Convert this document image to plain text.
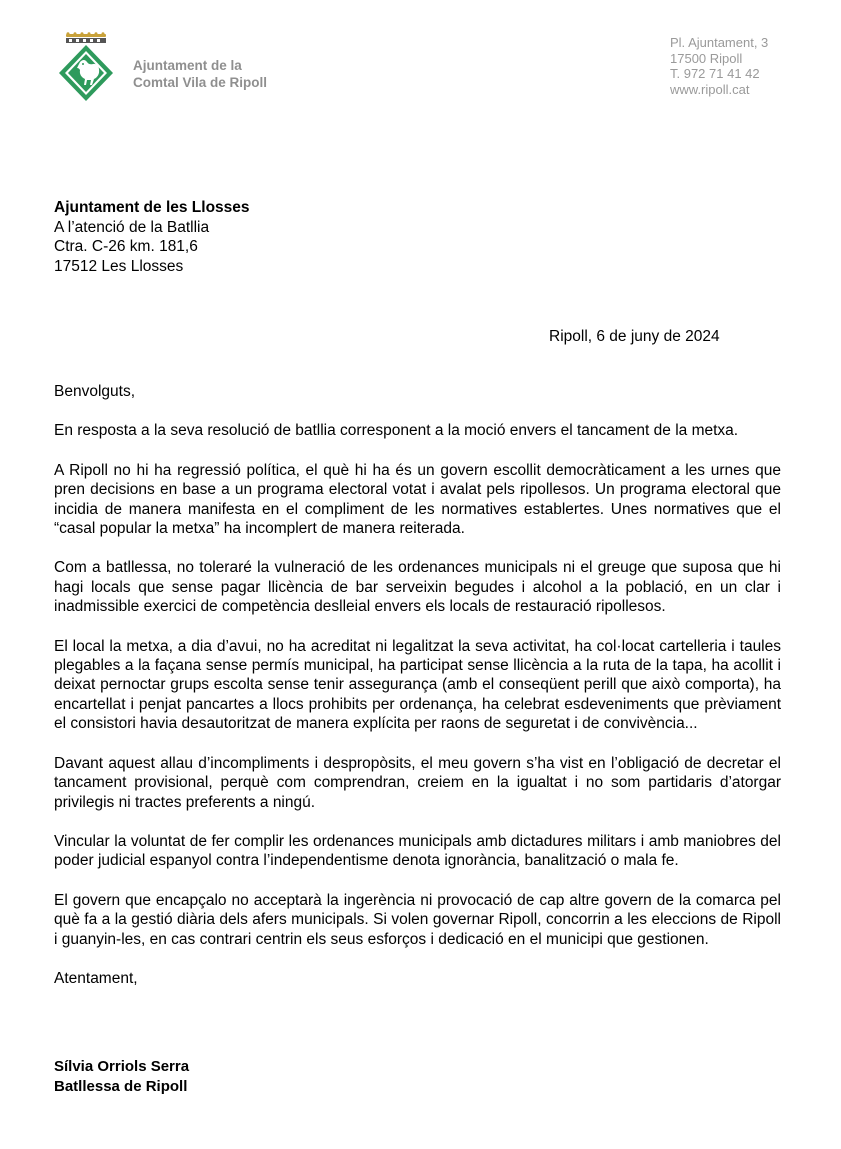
Ajuntament de la
Comtal Vila de Ripoll
Pl. Ajuntament, 3
17500 Ripoll
T. 972 71 41 42
www.ripoll.cat
Ajuntament de les Llosses
A l’atenció de la Batllia
Ctra. C-26 km. 181,6
17512 Les Llosses
Ripoll, 6 de juny de 2024

Benvolguts,

En resposta a la seva resolució de batllia corresponent a la moció envers el tancament de la metxa.

A Ripoll no hi ha regressió política, el què hi ha és un govern escollit democràticament a les urnes que pren decisions en base a un programa electoral votat i avalat pels ripollesos. Un programa electoral que incidia de manera manifesta en el compliment de les normatives establertes. Unes normatives que el “casal popular la metxa” ha incomplert de manera reiterada.

Com a batllessa, no toleraré la vulneració de les ordenances municipals ni el greuge que suposa que hi hagi locals que sense pagar llicència de bar serveixin begudes i alcohol a la població, en un clar i inadmissible exercici de competència deslleial envers els locals de restauració ripollesos.

El local la metxa, a dia d’avui, no ha acreditat ni legalitzat la seva activitat, ha col·locat cartelleria i taules plegables a la façana sense permís municipal, ha participat sense llicència a la ruta de la tapa, ha acollit i deixat pernoctar grups escolta sense tenir assegurança (amb el conseqüent perill que això comporta), ha encartellat i penjat pancartes a llocs prohibits per ordenança, ha celebrat esdeveniments que prèviament el consistori havia desautoritzat de manera explícita per raons de seguretat i de convivència...

Davant aquest allau d’incompliments i despropòsits, el meu govern s’ha vist en l’obligació de decretar el tancament provisional, perquè com comprendran, creiem en la igualtat i no som partidaris d’atorgar privilegis ni tractes preferents a ningú.

Vincular la voluntat de fer complir les ordenances municipals amb dictadures militars i amb maniobres del poder judicial espanyol contra l’independentisme denota ignorància, banalització o mala fe.

El govern que encapçalo no acceptarà la ingerència ni provocació de cap altre govern de la comarca pel què fa a la gestió diària dels afers municipals. Si volen governar Ripoll, concorrin a les eleccions de Ripoll i guanyin-les, en cas contrari centrin els seus esforços i dedicació en el municipi que gestionen.

Atentament,

Sílvia Orriols Serra
Batllessa de Ripoll
